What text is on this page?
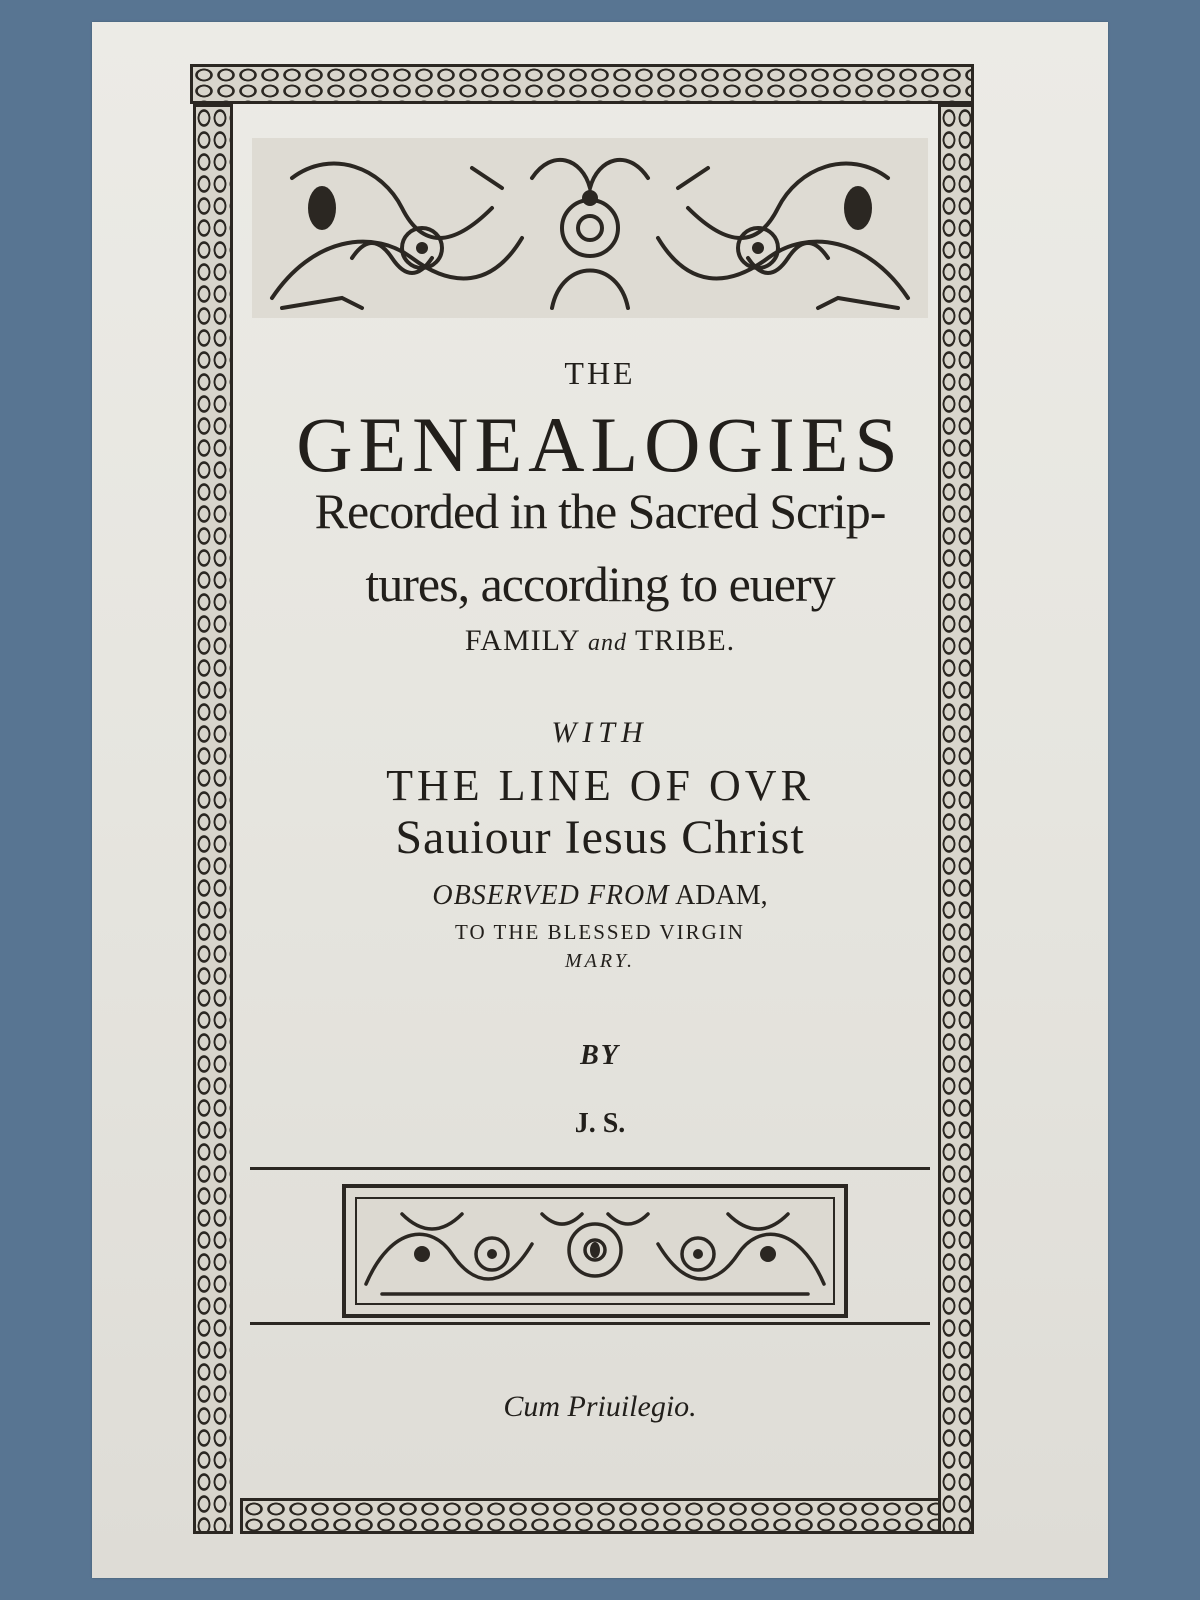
THE
GENEALOGIES
Recorded in the Sacred Scrip-
tures, according to euery
FAMILY and TRIBE.
WITH
THE LINE OF OVR
Sauiour Iesus Christ
OBSERVED FROM ADAM,
TO THE BLESSED VIRGIN
MARY.
BY
J. S.
Cum Priuilegio.
